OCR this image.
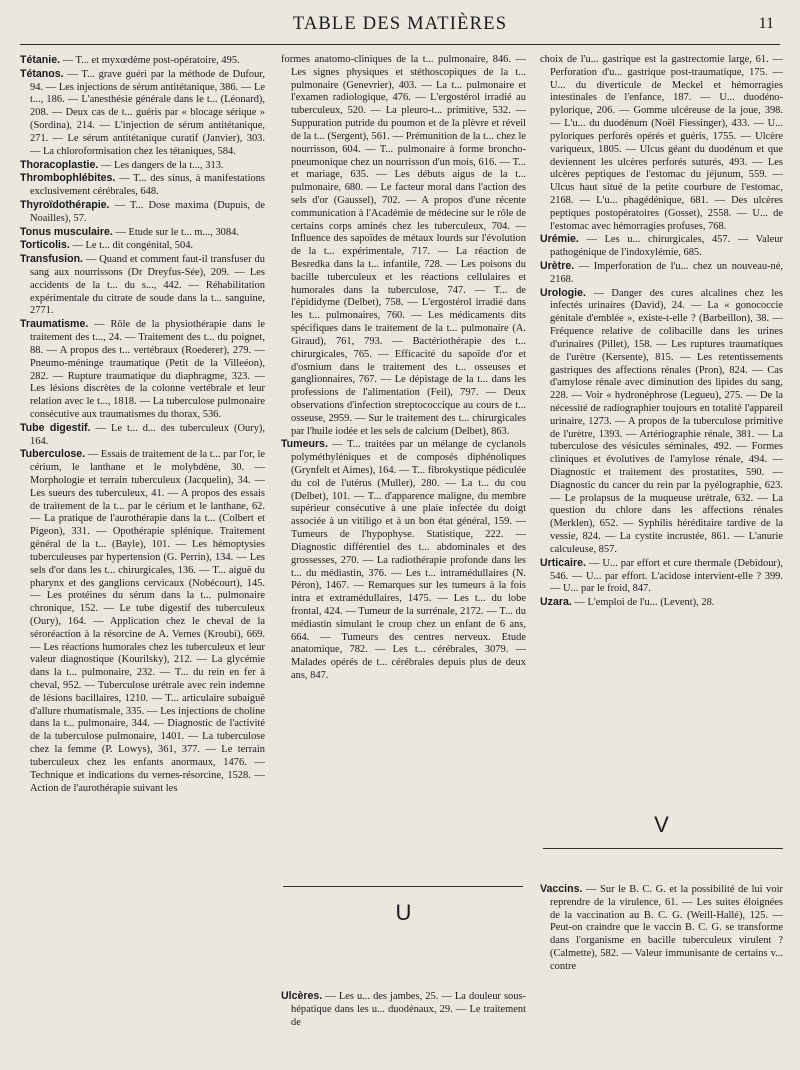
TABLE DES MATIÈRES	11

Tétanie. — T... et myxœdème post-opératoire, 495.

Tétanos. — T... grave guéri par la méthode de Dufour, 94. — Les injections de sérum antitétanique, 386. — Le t..., 186. — L'anesthésie générale dans le t... (Léonard), 208. — Deux cas de t... guéris par « blocage sérique » (Sordina), 214. — L'injection de sérum antitétanique, 271. — Le sérum antitétanique curatif (Janvier), 303. — La chloroformisation chez les tétaniques, 584.

Thoracoplastie. — Les dangers de la t..., 313.

Thrombophlébites. — T... des sinus, à manifestations exclusivement cérébrales, 648.

Thyroïdothérapie. — T... Dose maxima (Dupuis, de Noailles), 57.

Tonus musculaire. — Etude sur le t... m..., 3084.

Torticolis. — Le t... dit congénital, 504.

Transfusion. — Quand et comment faut-il transfuser du sang aux nourrissons (Dr Dreyfus-Sée), 209. — Les accidents de la t... du s..., 442. — Réhabilitation expérimentale du citrate de soude dans la t... sanguine, 2771.

Traumatisme. — Rôle de la physiothérapie dans le traitement des t..., 24. — Traitement des t... du poignet, 88. — A propos des t... vertébraux (Roederer), 279. — Pneumo-méninge traumatique (Petit de la Villeéon), 282. — Rupture traumatique du diaphragme, 323. — Les lésions discrètes de la colonne vertébrale et leur relation avec le t..., 1818. — La tuberculose pulmonaire consécutive aux traumatismes du thorax, 536.

Tube digestif. — Le t... d... des tuberculeux (Oury), 164.

Tuberculose. — Essais de traitement de la t... par l'or, le cérium, le lanthane et le molybdène, 30. — Morphologie et terrain tuberculeux (Jacquelin), 34. — Les sueurs des tuberculeux, 41. — A propos des essais de traitement de la t... par le cérium et le lanthane, 62. — La pratique de l'aurothérapie dans la t... (Colbert et Pigeon), 331. — Opothérapie splénique. Traitement général de la t... (Bayle), 101. — Les hémoptysies tuberculeuses par hypertension (G. Perrin), 134. — Les sels d'or dans les t... chirurgicales, 136. — T... aiguë du pharynx et des ganglions cervicaux (Nobécourt), 145. — Les protéines du sérum dans la t... pulmonaire chronique, 152. — Le tube digestif des tuberculeux (Oury), 164. — Application chez le cheval de la séroréaction à la résorcine de A. Vernes (Kroubi), 669. — Les réactions humorales chez les tuberculeux et leur valeur diagnostique (Kourilsky), 212. — La glycémie dans la t... pulmonaire, 232. — T... du rein en fer à cheval, 952. — Tuberculose urétrale avec rein indemne de lésions bacillaires, 1210. — T... articulaire subaiguë d'allure rhumatismale, 335. — Les injections de choline dans la t... pulmonaire, 344. — Diagnostic de l'activité de la tuberculose pulmonaire, 1401. — La tuberculose chez la femme (P. Lowys), 361, 377. — Le terrain tuberculeux chez les enfants anormaux, 1476. — Technique et indications du vernes-résorcine, 1528. — Action de l'aurothérapie suivant les

formes anatomo-cliniques de la t... pulmonaire, 846. — Les signes physiques et stéthoscopiques de la t... pulmonaire (Genevrier), 403. — La t... pulmonaire et l'examen radiologique, 476. — L'ergostérol irradié au tuberculeux, 520. — La pleuro-t... primitive, 532. — Suppuration putride du poumon et de la plèvre et réveil de la t... (Sergent), 561. — Prémunition de la t... chez le nourrisson, 604. — T... pulmonaire à forme broncho-pneumonique chez un nourrisson d'un mois, 616. — T... et mariage, 635. — Les débuts aigus de la t... pulmonaire, 680. — Le facteur moral dans l'action des sels d'or (Gaussel), 702. — A propos d'une récente communication à l'Académie de médecine sur le rôle de certains corps aminés chez les tuberculeux, 704. — Influence des sapoïdes de métaux lourds sur l'évolution de la t... expérimentale, 717. — La réaction de Besredka dans la t... infantile, 728. — Les poisons du bacille tuberculeux et les réactions cellulaires et humorales dans la tuberculose, 747. — T... de l'épididyme (Delbet), 758. — L'ergostérol irradié dans les t... pulmonaires, 760. — Les médicaments dits spécifiques dans le traitement de la t... pulmonaire (A. Giraud), 761, 793. — Bactériothérapie des t... chirurgicales, 765. — Efficacité du sapoïde d'or et d'osmium dans le traitement des t... osseuses et ganglionnaires, 767. — Le dépistage de la t... dans les professions de l'alimentation (Feil), 797. — Deux observations d'infection streptococcique au cours de t... osseuse, 2959. — Sur le traitement des t... chirurgicales par l'huile iodée et les sels de calcium (Delbet), 863.

Tumeurs. — T... traitées par un mélange de cyclanols polyméthyléniques et de composés diphénoliques (Grynfelt et Aimes), 164. — T... fibrokystique pédiculée du col de l'utérus (Muller), 280. — La t... du cou (Delbet), 101. — T... d'apparence maligne, du membre supérieur consécutive à une plaie infectée du doigt associée à un vitiligo et à un bon état général, 159. — Tumeurs de l'hypophyse. Statistique, 222. — Diagnostic différentiel des t... abdominales et des grossesses, 270. — La radiothérapie profonde dans les t... du médiastin, 376. — Les t... intramédullaires (N. Péron), 1467. — Remarques sur les tumeurs à la fois intra et extramédullaires, 1475. — Les t... du lobe frontal, 424. — Tumeur de la surrénale, 2172. — T... du médiastin simulant le croup chez un enfant de 6 ans, 664. — Tumeurs des centres nerveux. Etude anatomique, 782. — Les t... cérébrales, 3079. — Malades opérés de t... cérébrales depuis plus de deux ans, 847.

choix de l'u... gastrique est la gastrectomie large, 61. — Perforation d'u... gastrique post-traumatique, 175. — U... du diverticule de Meckel et hémorragies intestinales de l'enfance, 187. — U... duodéno-pylorique, 206. — Gomme ulcéreuse de la joue, 398. — L'u... du duodénum (Noël Fiessinger), 433. — U... pyloriques perforés opérés et guéris, 1755. — Ulcère variqueux, 1805. — Ulcus géant du duodénum et que deviennent les ulcères perforés suturés, 493. — Les ulcères peptiques de l'estomac du jéjunum, 559. — Ulcus haut situé de la petite courbure de l'estomac, 2168. — L'u... phagédénique, 681. — Des ulcères peptiques postopératoires (Gosset), 2558. — U... de l'estomac avec hémorragies profuses, 768.

Urémie. — Les u... chirurgicales, 457. — Valeur pathogénique de l'indoxylémie, 685.

Urètre. — Imperforation de l'u... chez un nouveau-né, 2168.

Urologie. — Danger des cures alcalines chez les infectés urinaires (David), 24. — La « gonococcie génitale d'emblée », existe-t-elle ? (Barbeillon), 38. — Fréquence relative de colibacille dans les urines d'urinaires (Pillet), 158. — Les ruptures traumatiques de l'urètre (Kersente), 815. — Les retentissements gastriques des affections rénales (Pron), 824. — Cas d'amylose rénale avec diminution des lipides du sang, 228. — Voir « hydronéphrose (Legueu), 275. — De la nécessité de radiographier toujours en totalité l'appareil urinaire, 1273. — A propos de la tuberculose primitive de l'urètre, 1393. — Artériographie rénale, 381. — La tuberculose des vésicules séminales, 492. — Formes cliniques et évolutives de l'amylose rénale, 494. — Diagnostic et traitement des prostatites, 590. — Diagnostic du cancer du rein par la pyélographie, 623. — Le prolapsus de la muqueuse urétrale, 632. — La question du chlore dans les affections rénales (Merklen), 652. — Syphilis héréditaire tardive de la vessie, 824. — La cystite incrustée, 861. — L'anurie calculeuse, 857.

Urticaire. — U... par effort et cure thermale (Debidour), 546. — U... par effort. L'acidose intervient-elle ? 399. — U... par le froid, 847.

Uzara. — L'emploi de l'u... (Levent), 28.

U

Ulcères. — Les u... des jambes, 25. — La douleur sous-hépatique dans les u... duodénaux, 29. — Le traitement de

V

Vaccins. — Sur le B. C. G. et la possibilité de lui voir reprendre de la virulence, 61. — Les suites éloignées de la vaccination au B. C. G. (Weill-Hallé), 125. — Peut-on craindre que le vaccin B. C. G. se transforme dans l'organisme en bacille tuberculeux virulent ? (Calmette), 582. — Valeur immunisante de certains v... contre
